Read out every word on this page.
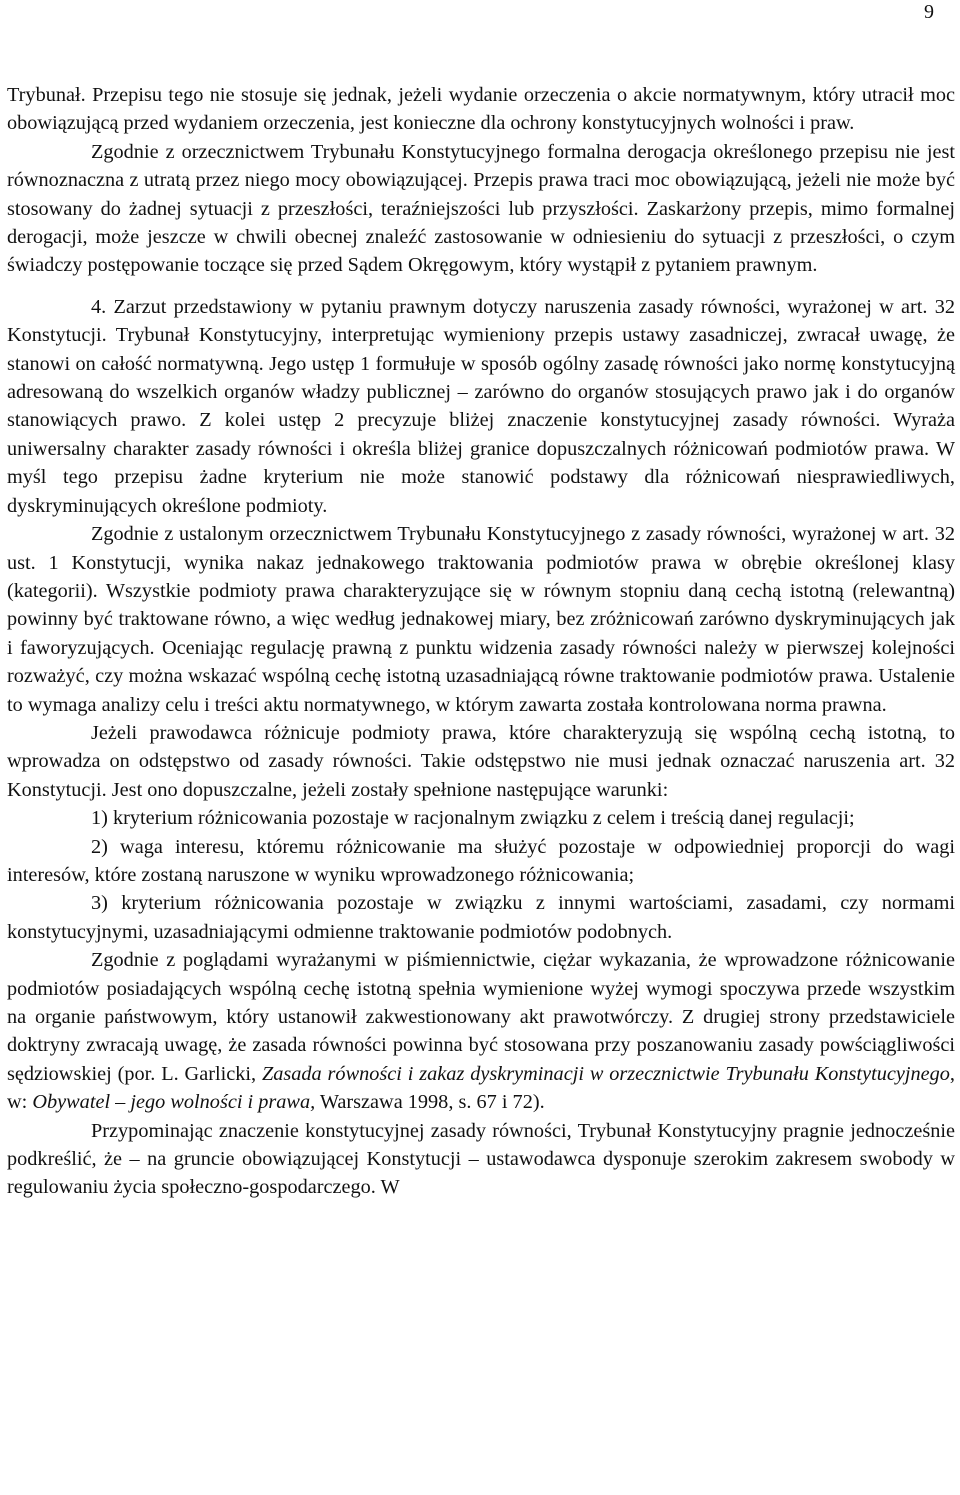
9

Trybunał. Przepisu tego nie stosuje się jednak, jeżeli wydanie orzeczenia o akcie normatywnym, który utracił moc obowiązującą przed wydaniem orzeczenia, jest konieczne dla ochrony konstytucyjnych wolności i praw.

Zgodnie z orzecznictwem Trybunału Konstytucyjnego formalna derogacja określonego przepisu nie jest równoznaczna z utratą przez niego mocy obowiązującej. Przepis prawa traci moc obowiązującą, jeżeli nie może być stosowany do żadnej sytuacji z przeszłości, teraźniejszości lub przyszłości. Zaskarżony przepis, mimo formalnej derogacji, może jeszcze w chwili obecnej znaleźć zastosowanie w odniesieniu do sytuacji z przeszłości, o czym świadczy postępowanie toczące się przed Sądem Okręgowym, który wystąpił z pytaniem prawnym.

4. Zarzut przedstawiony w pytaniu prawnym dotyczy naruszenia zasady równości, wyrażonej w art. 32 Konstytucji. Trybunał Konstytucyjny, interpretując wymieniony przepis ustawy zasadniczej, zwracał uwagę, że stanowi on całość normatywną. Jego ustęp 1 formułuje w sposób ogólny zasadę równości jako normę konstytucyjną adresowaną do wszelkich organów władzy publicznej – zarówno do organów stosujących prawo jak i do organów stanowiących prawo. Z kolei ustęp 2 precyzuje bliżej znaczenie konstytucyjnej zasady równości. Wyraża uniwersalny charakter zasady równości i określa bliżej granice dopuszczalnych różnicowań podmiotów prawa. W myśl tego przepisu żadne kryterium nie może stanowić podstawy dla różnicowań niesprawiedliwych, dyskryminujących określone podmioty.

Zgodnie z ustalonym orzecznictwem Trybunału Konstytucyjnego z zasady równości, wyrażonej w art. 32 ust. 1 Konstytucji, wynika nakaz jednakowego traktowania podmiotów prawa w obrębie określonej klasy (kategorii). Wszystkie podmioty prawa charakteryzujące się w równym stopniu daną cechą istotną (relewantną) powinny być traktowane równo, a więc według jednakowej miary, bez zróżnicowań zarówno dyskryminujących jak i faworyzujących. Oceniając regulację prawną z punktu widzenia zasady równości należy w pierwszej kolejności rozważyć, czy można wskazać wspólną cechę istotną uzasadniającą równe traktowanie podmiotów prawa. Ustalenie to wymaga analizy celu i treści aktu normatywnego, w którym zawarta została kontrolowana norma prawna.

Jeżeli prawodawca różnicuje podmioty prawa, które charakteryzują się wspólną cechą istotną, to wprowadza on odstępstwo od zasady równości. Takie odstępstwo nie musi jednak oznaczać naruszenia art. 32 Konstytucji. Jest ono dopuszczalne, jeżeli zostały spełnione następujące warunki:

1) kryterium różnicowania pozostaje w racjonalnym związku z celem i treścią danej regulacji;

2) waga interesu, któremu różnicowanie ma służyć pozostaje w odpowiedniej proporcji do wagi interesów, które zostaną naruszone w wyniku wprowadzonego różnicowania;

3) kryterium różnicowania pozostaje w związku z innymi wartościami, zasadami, czy normami konstytucyjnymi, uzasadniającymi odmienne traktowanie podmiotów podobnych.

Zgodnie z poglądami wyrażanymi w piśmiennictwie, ciężar wykazania, że wprowadzone różnicowanie podmiotów posiadających wspólną cechę istotną spełnia wymienione wyżej wymogi spoczywa przede wszystkim na organie państwowym, który ustanowił zakwestionowany akt prawotwórczy. Z drugiej strony przedstawiciele doktryny zwracają uwagę, że zasada równości powinna być stosowana przy poszanowaniu zasady powściągliwości sędziowskiej (por. L. Garlicki, Zasada równości i zakaz dyskryminacji w orzecznictwie Trybunału Konstytucyjnego, w: Obywatel – jego wolności i prawa, Warszawa 1998, s. 67 i 72).

Przypominając znaczenie konstytucyjnej zasady równości, Trybunał Konstytucyjny pragnie jednocześnie podkreślić, że – na gruncie obowiązującej Konstytucji – ustawodawca dysponuje szerokim zakresem swobody w regulowaniu życia społeczno-gospodarczego. W
